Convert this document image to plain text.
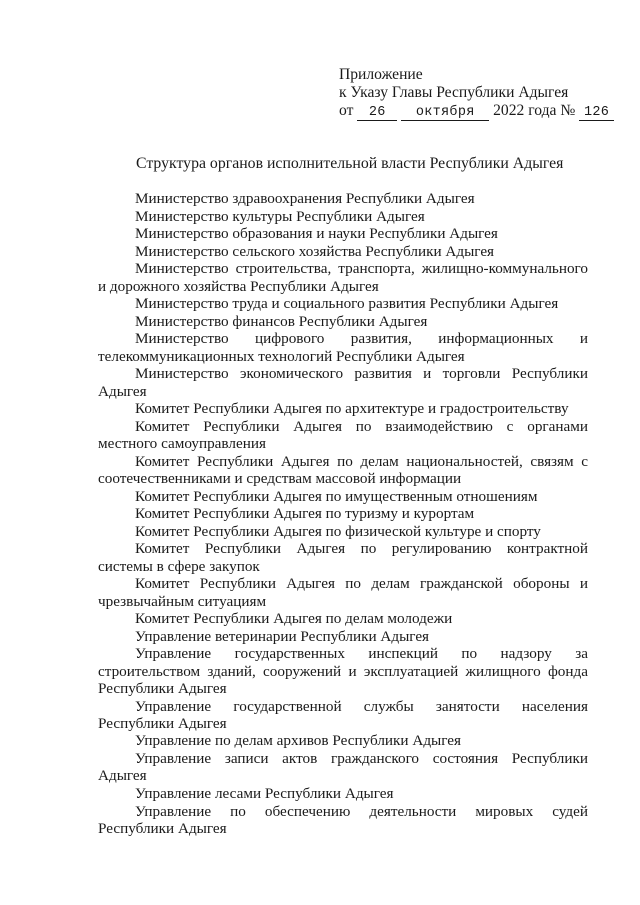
Приложение
к Указу Главы Республики Адыгея
от 26 октября 2022 года № 126
Структура органов исполнительной власти Республики Адыгея

Министерство здравоохранения Республики Адыгея

Министерство культуры Республики Адыгея

Министерство образования и науки Республики Адыгея

Министерство сельского хозяйства Республики Адыгея

Министерство строительства, транспорта, жилищно-коммунального и дорожного хозяйства Республики Адыгея

Министерство труда и социального развития Республики Адыгея

Министерство финансов Республики Адыгея

Министерство цифрового развития, информационных и телекоммуникационных технологий Республики Адыгея

Министерство экономического развития и торговли Республики Адыгея

Комитет Республики Адыгея по архитектуре и градостроительству

Комитет Республики Адыгея по взаимодействию с органами местного самоуправления

Комитет Республики Адыгея по делам национальностей, связям с соотечественниками и средствам массовой информации

Комитет Республики Адыгея по имущественным отношениям

Комитет Республики Адыгея по туризму и курортам

Комитет Республики Адыгея по физической культуре и спорту

Комитет Республики Адыгея по регулированию контрактной системы в сфере закупок

Комитет Республики Адыгея по делам гражданской обороны и чрезвычайным ситуациям

Комитет Республики Адыгея по делам молодежи

Управление ветеринарии Республики Адыгея

Управление государственных инспекций по надзору за строительством зданий, сооружений и эксплуатацией жилищного фонда Республики Адыгея

Управление государственной службы занятости населения Республики Адыгея

Управление по делам архивов Республики Адыгея

Управление записи актов гражданского состояния Республики Адыгея

Управление лесами Республики Адыгея

Управление по обеспечению деятельности мировых судей Республики Адыгея
